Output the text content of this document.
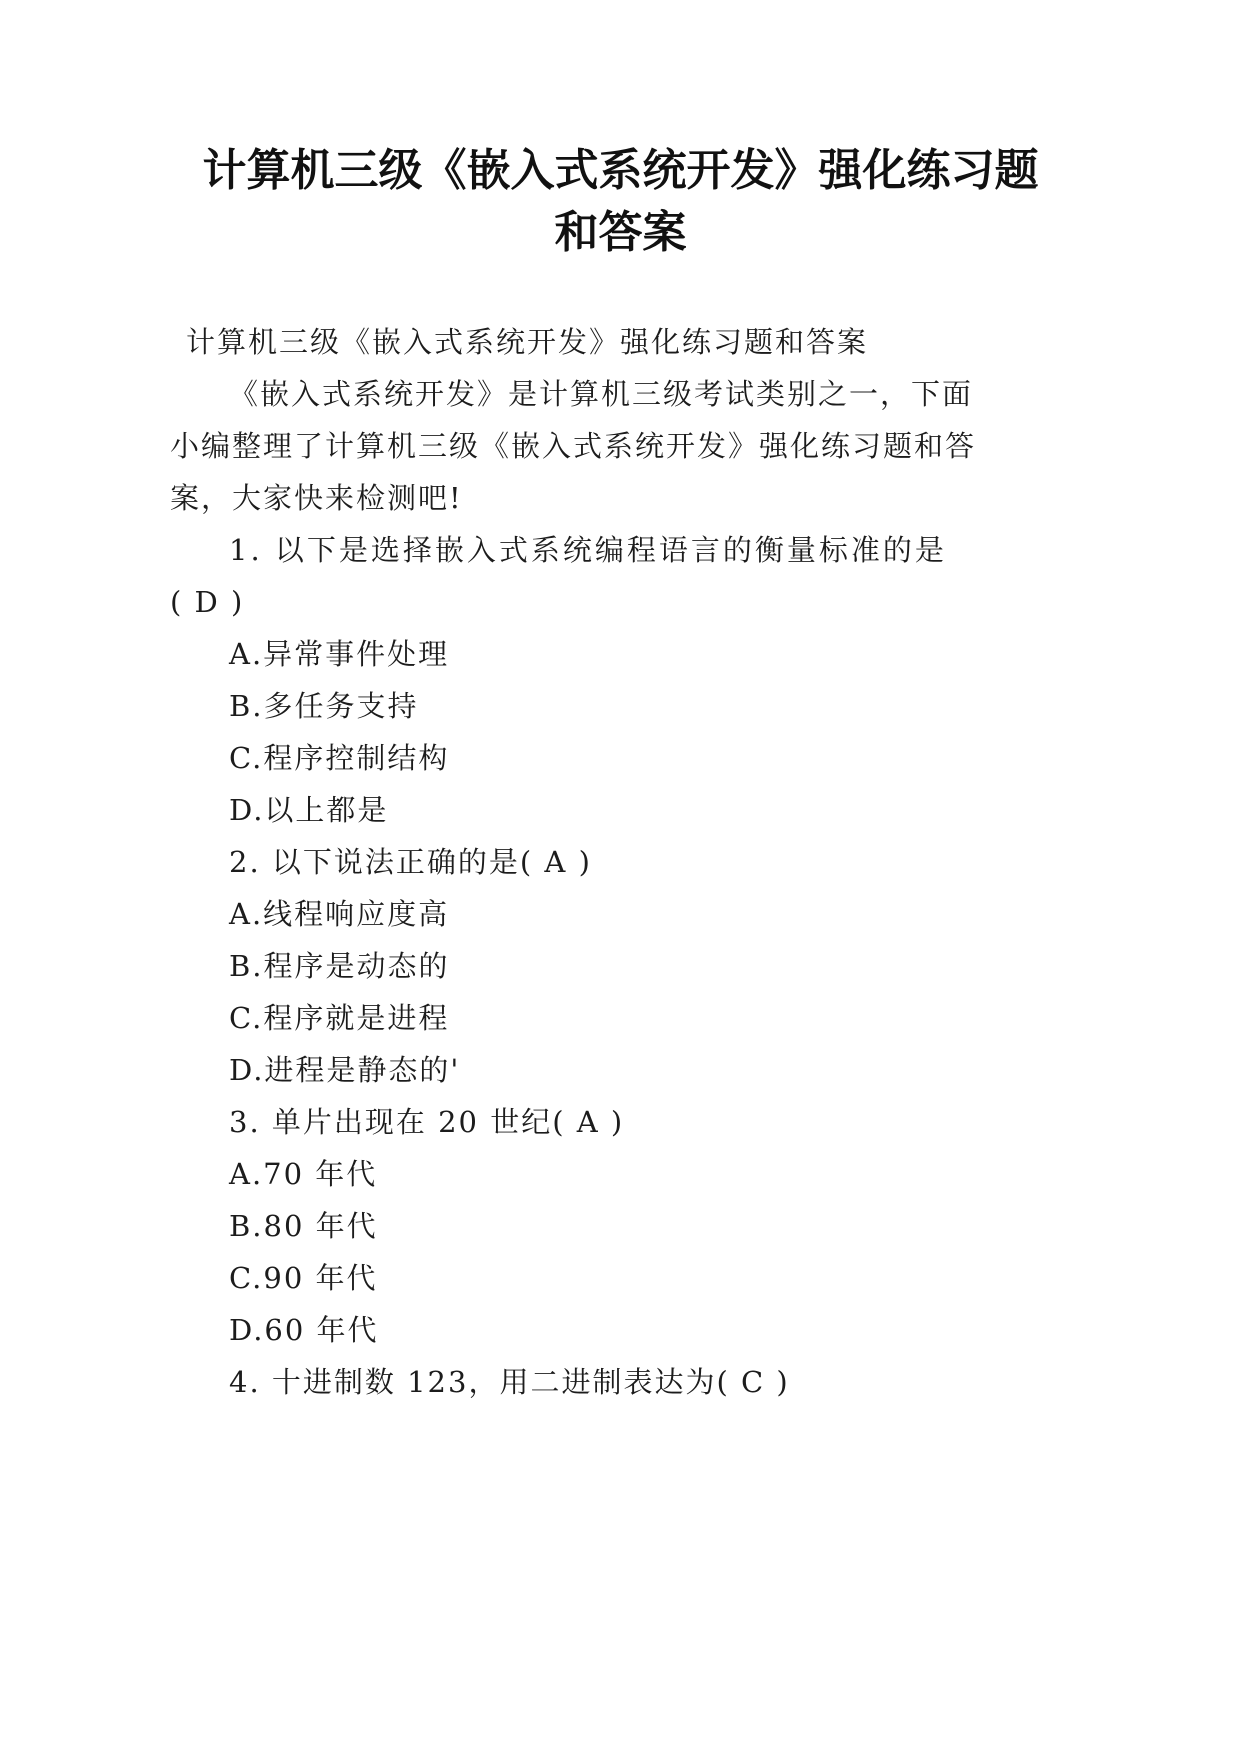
计算机三级《嵌入式系统开发》强化练习题
和答案
计算机三级《嵌入式系统开发》强化练习题和答案
《嵌入式系统开发》是计算机三级考试类别之一，下面
小编整理了计算机三级《嵌入式系统开发》强化练习题和答
案，大家快来检测吧!
1. 以下是选择嵌入式系统编程语言的衡量标准的是
( D )
A.异常事件处理
B.多任务支持
C.程序控制结构
D.以上都是
2. 以下说法正确的是( A )
A.线程响应度高
B.程序是动态的
C.程序就是进程
D.进程是静态的'
3. 单片出现在 20 世纪( A )
A.70 年代
B.80 年代
C.90 年代
D.60 年代
4. 十进制数 123，用二进制表达为( C )
